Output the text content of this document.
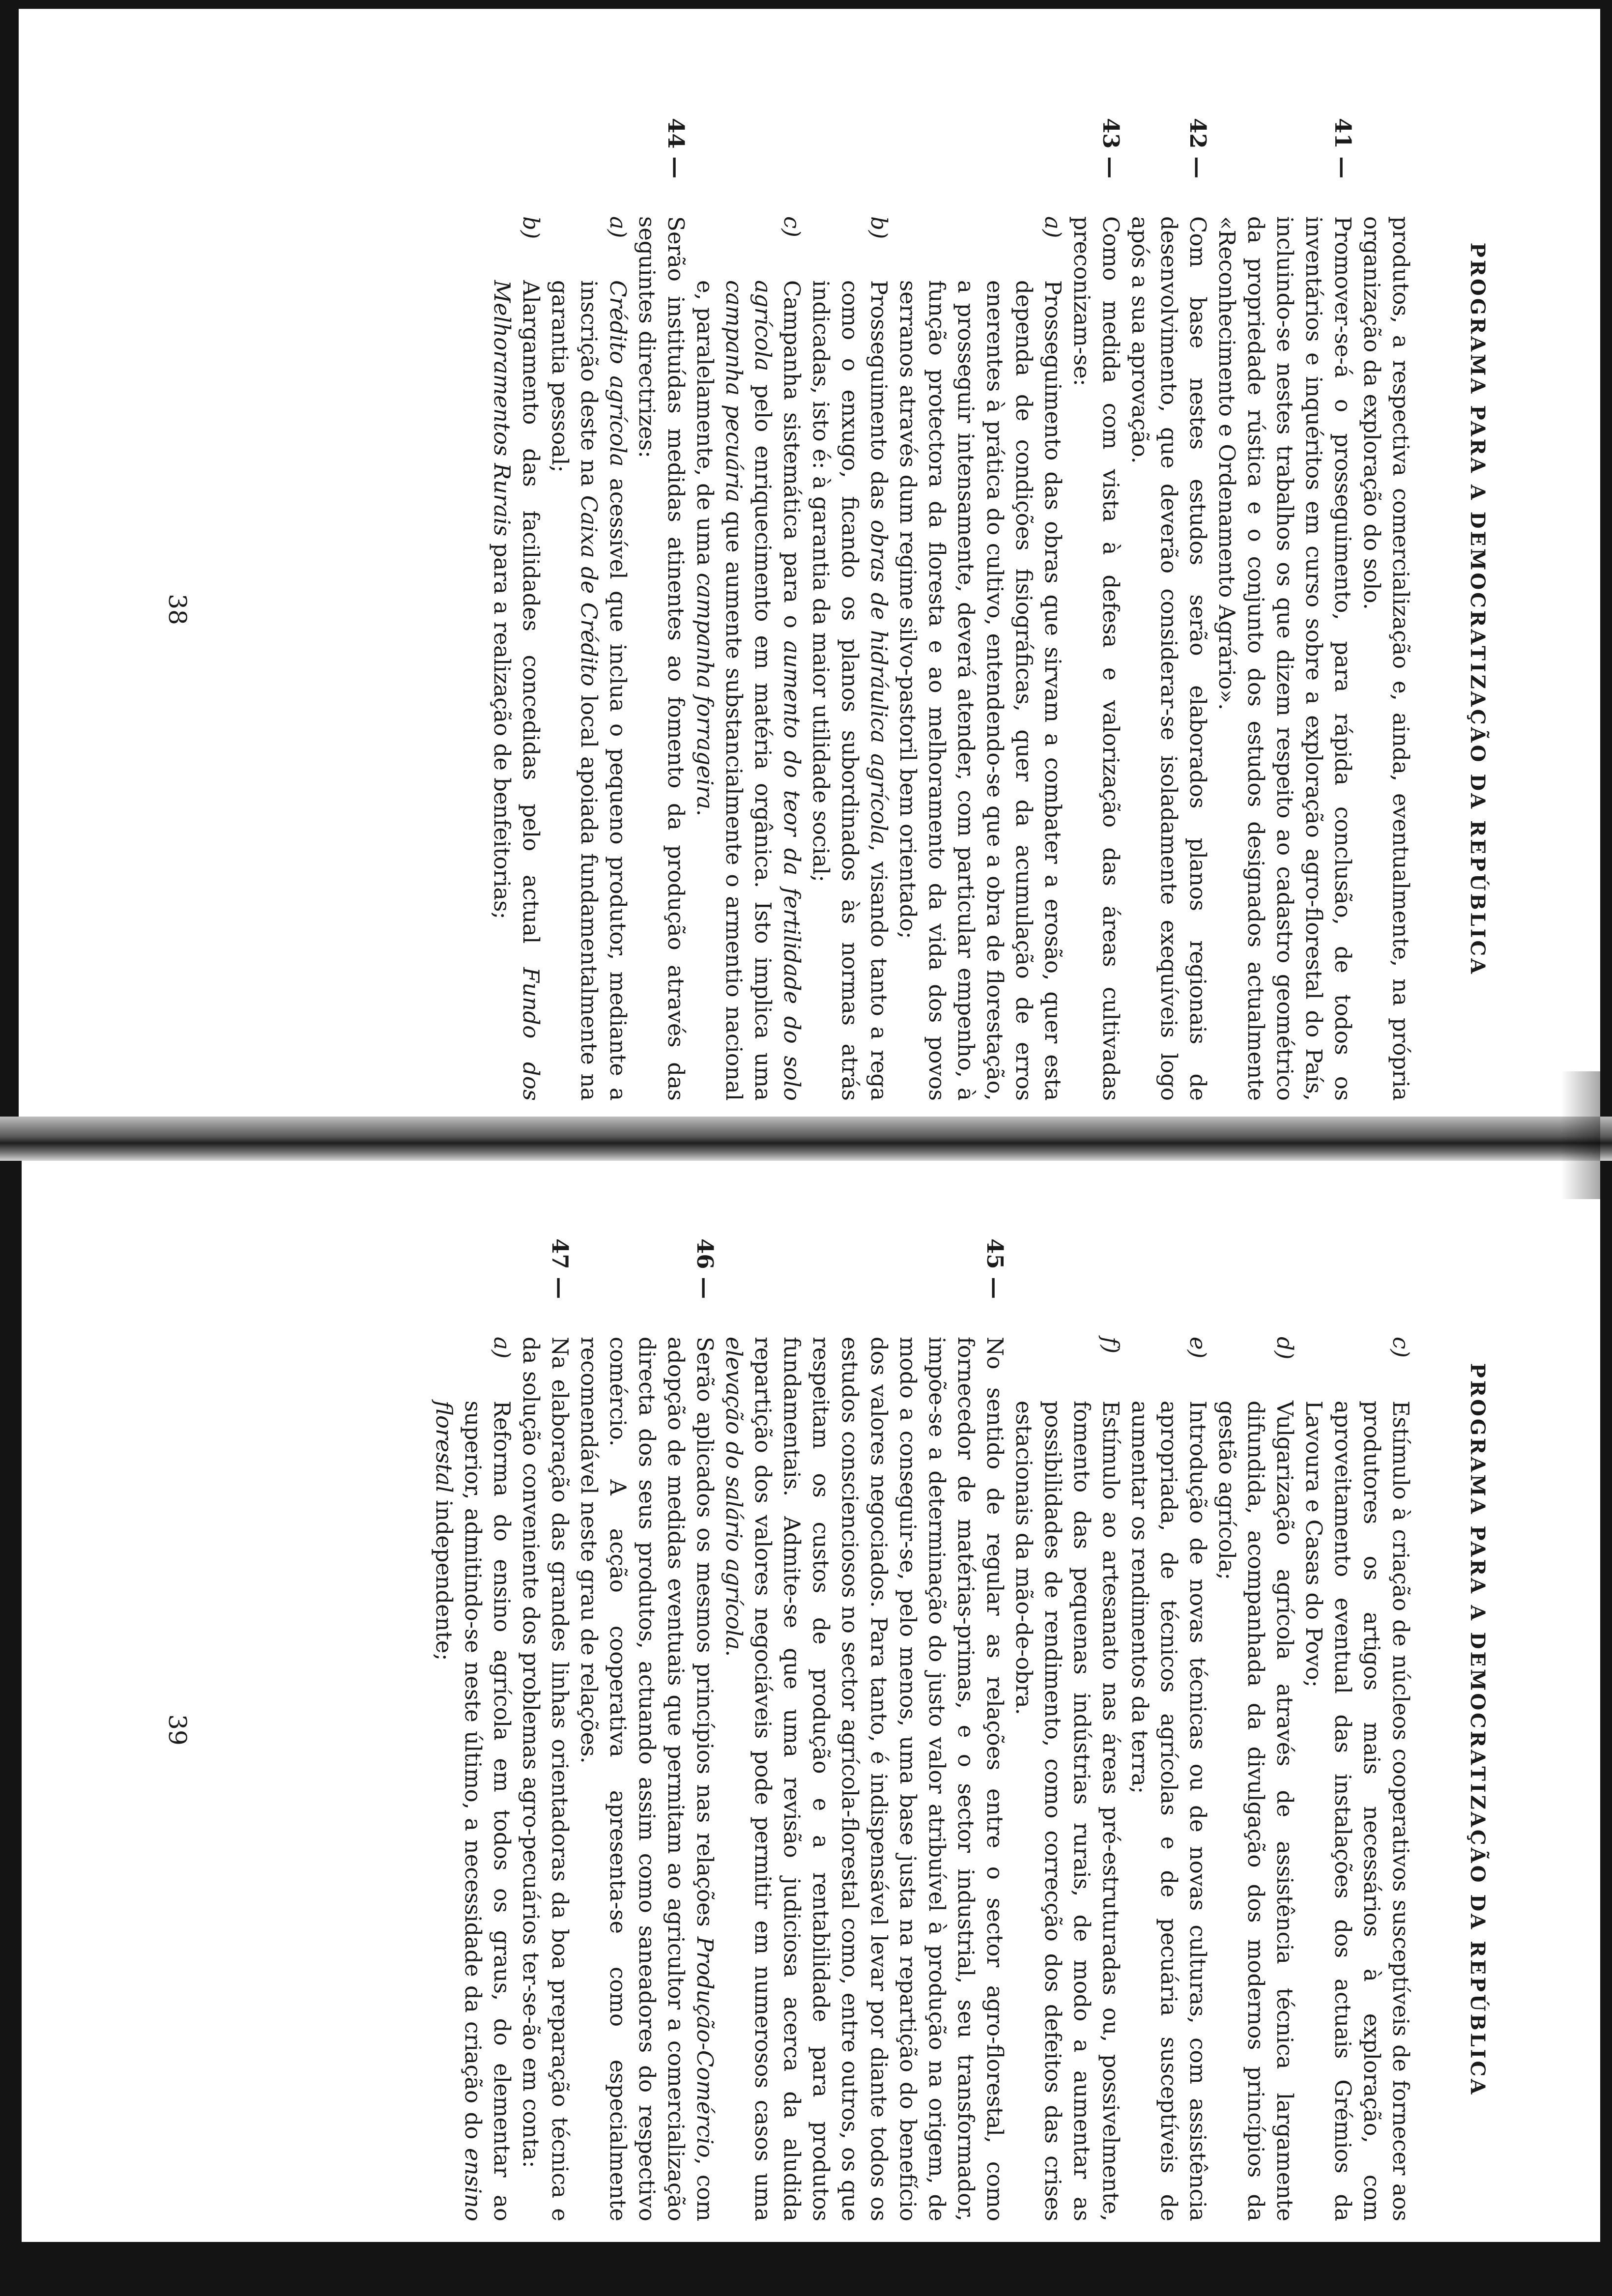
PROGRAMA PARA A DEMOCRATIZAÇÃO DA REPÚBLICA

produtos, a respectiva comercialização e, ainda, eventualmente, na própria organização da exploração do solo.

41 —
Promover-se-á o prosseguimento, para rápida conclusão, de todos os inventários e inquéritos em curso sobre a exploração agro-florestal do País, incluindo-se nestes trabalhos os que dizem respeito ao cadastro geométrico da propriedade rústica e o conjunto dos estudos designados actualmente «Reconhecimento e Ordenamento Agrário».

42 —
Com base nestes estudos serão elaborados planos regionais de desenvolvimento, que deverão considerar-se isoladamente exequíveis logo após a sua aprovação.

43 —
Como medida com vista à defesa e valorização das áreas cultivadas preconizam-se:

a)
Prosseguimento das obras que sirvam a combater a erosão, quer esta dependa de condições fisiográficas, quer da acumulação de erros enerentes à prática do cultivo, entendendo-se que a obra de florestação, a prosseguir intensamente, deverá atender, com particular empenho, à função protectora da floresta e ao melhoramento da vida dos povos serranos através dum regime silvo-pastoril bem orientado;

b)
Prosseguimento das obras de hidráulica agrícola, visando tanto a rega como o enxugo, ficando os planos subordinados às normas atrás indicadas, isto é: à garantia da maior utilidade social;

c)
Campanha sistemática para o aumento do teor da fertilidade do solo agrícola pelo enriquecimento em matéria orgânica. Isto implica uma campanha pecuária que aumente substancialmente o armentio nacional e, paralelamente, de uma campanha forrageira.

44 —
Serão instituídas medidas atinentes ao fomento da produção através das seguintes directrizes:

a)
Crédito agrícola acessível que inclua o pequeno produtor, mediante a inscrição deste na Caixa de Crédito local apoiada fundamentalmente na garantia pessoal;

b)
Alargamento das facilidades concedidas pelo actual Fundo dos Melhoramentos Rurais para a realização de benfeitorias;

38
PROGRAMA PARA A DEMOCRATIZAÇÃO DA REPÚBLICA

c)
Estímulo à criação de núcleos cooperativos susceptíveis de fornecer aos produtores os artigos mais necessários à exploração, com aproveitamento eventual das instalações dos actuais Grémios da Lavoura e Casas do Povo;

d)
Vulgarização agrícola através de assistência técnica largamente difundida, acompanhada da divulgação dos modernos princípios da gestão agrícola;

e)
Introdução de novas técnicas ou de novas culturas, com assistência apropriada, de técnicos agrícolas e de pecuária susceptíveis de aumentar os rendimentos da terra;

f)
Estímulo ao artesanato nas áreas pré-estruturadas ou, possivelmente, fomento das pequenas indústrias rurais, de modo a aumentar as possibilidades de rendimento, como correcção dos defeitos das crises estacionais da mão-de-obra.

45 —
No sentido de regular as relações entre o sector agro-florestal, como fornecedor de matérias-primas, e o sector industrial, seu transformador, impõe-se a determinação do justo valor atribuível à produção na origem, de modo a conseguir-se, pelo menos, uma base justa na repartição do benefício dos valores negociados. Para tanto, é indispensável levar por diante todos os estudos conscienciosos no sector agrícola-florestal como, entre outros, os que respeitam os custos de produção e a rentabilidade para produtos fundamentais. Admite-se que uma revisão judiciosa acerca da aludida repartição dos valores negociáveis pode permitir em numerosos casos uma elevação do salário agrícola.

46 —
Serão aplicados os mesmos princípios nas relações Produção-Comércio, com adopção de medidas eventuais que permitam ao agricultor a comercialização directa dos seus produtos, actuando assim como saneadores do respectivo comércio. A acção cooperativa apresenta-se como especialmente recomendável neste grau de relações.

47 —
Na elaboração das grandes linhas orientadoras da boa preparação técnica e da solução conveniente dos problemas agro-pecuários ter-se-ão em conta:

a)
Reforma do ensino agrícola em todos os graus, do elementar ao superior, admitindo-se neste último, a necessidade da criação do ensino florestal independente;

39
